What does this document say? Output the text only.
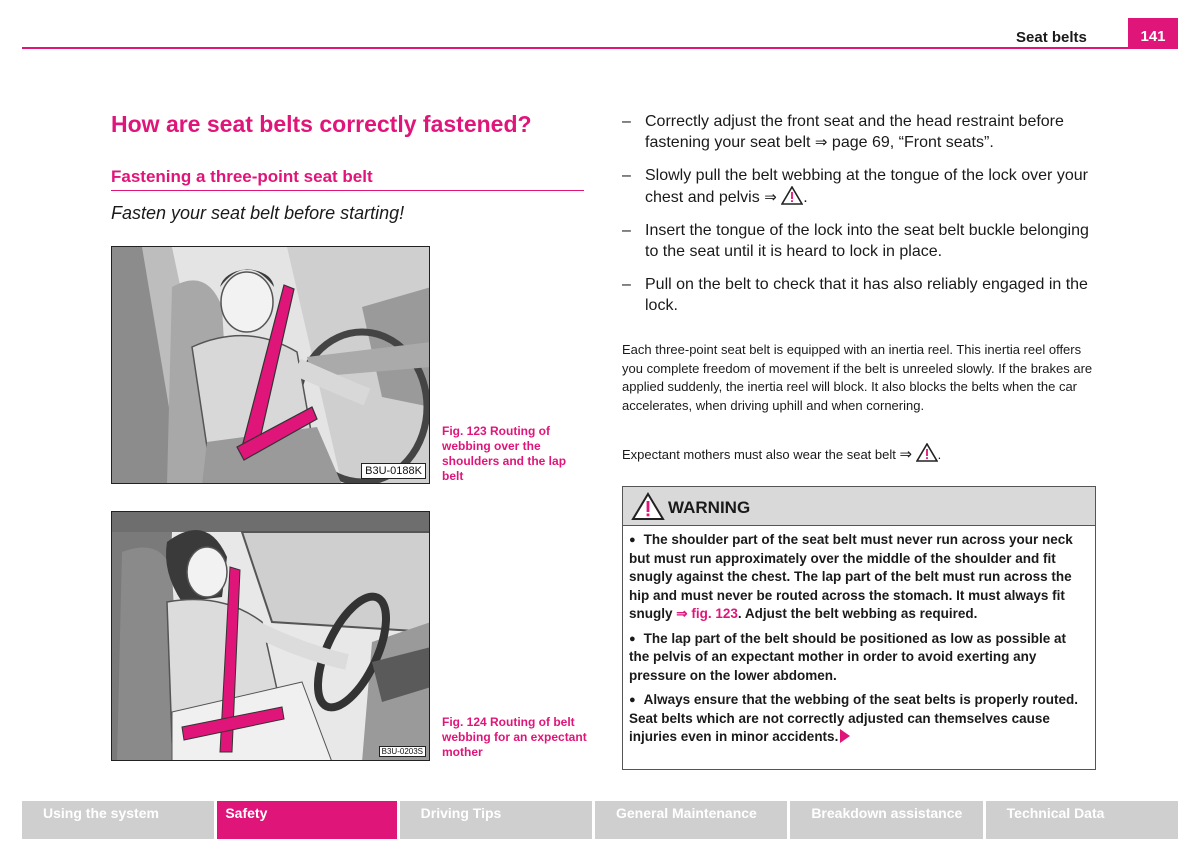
Seat belts	141
How are seat belts correctly fastened?
Fastening a three-point seat belt
Fasten your seat belt before starting!
B3U-0188K
Fig. 123 Routing of webbing over the shoulders and the lap belt
B3U-0203S
Fig. 124 Routing of belt webbing for an expectant mother
– Correctly adjust the front seat and the head restraint before fastening your seat belt ⇒ page 69, “Front seats”.
– Slowly pull the belt webbing at the tongue of the lock over your chest and pelvis ⇒ .
– Insert the tongue of the lock into the seat belt buckle belonging to the seat until it is heard to lock in place.
– Pull on the belt to check that it has also reliably engaged in the lock.
Each three-point seat belt is equipped with an inertia reel. This inertia reel offers you complete freedom of movement if the belt is unreeled slowly. If the brakes are applied suddenly, the inertia reel will block. It also blocks the belts when the car accelerates, when driving uphill and when cornering.
Expectant mothers must also wear the seat belt ⇒ .
WARNING

● The shoulder part of the seat belt must never run across your neck but must run approximately over the middle of the shoulder and fit snugly against the chest. The lap part of the belt must run across the hip and must never be routed across the stomach. It must always fit snugly ⇒ fig. 123. Adjust the belt webbing as required.

● The lap part of the belt should be positioned as low as possible at the pelvis of an expectant mother in order to avoid exerting any pressure on the lower abdomen.

● Always ensure that the webbing of the seat belts is properly routed. Seat belts which are not correctly adjusted can themselves cause injuries even in minor accidents.

Using the system	Safety	Driving Tips	General Maintenance	Breakdown assistance	Technical Data
